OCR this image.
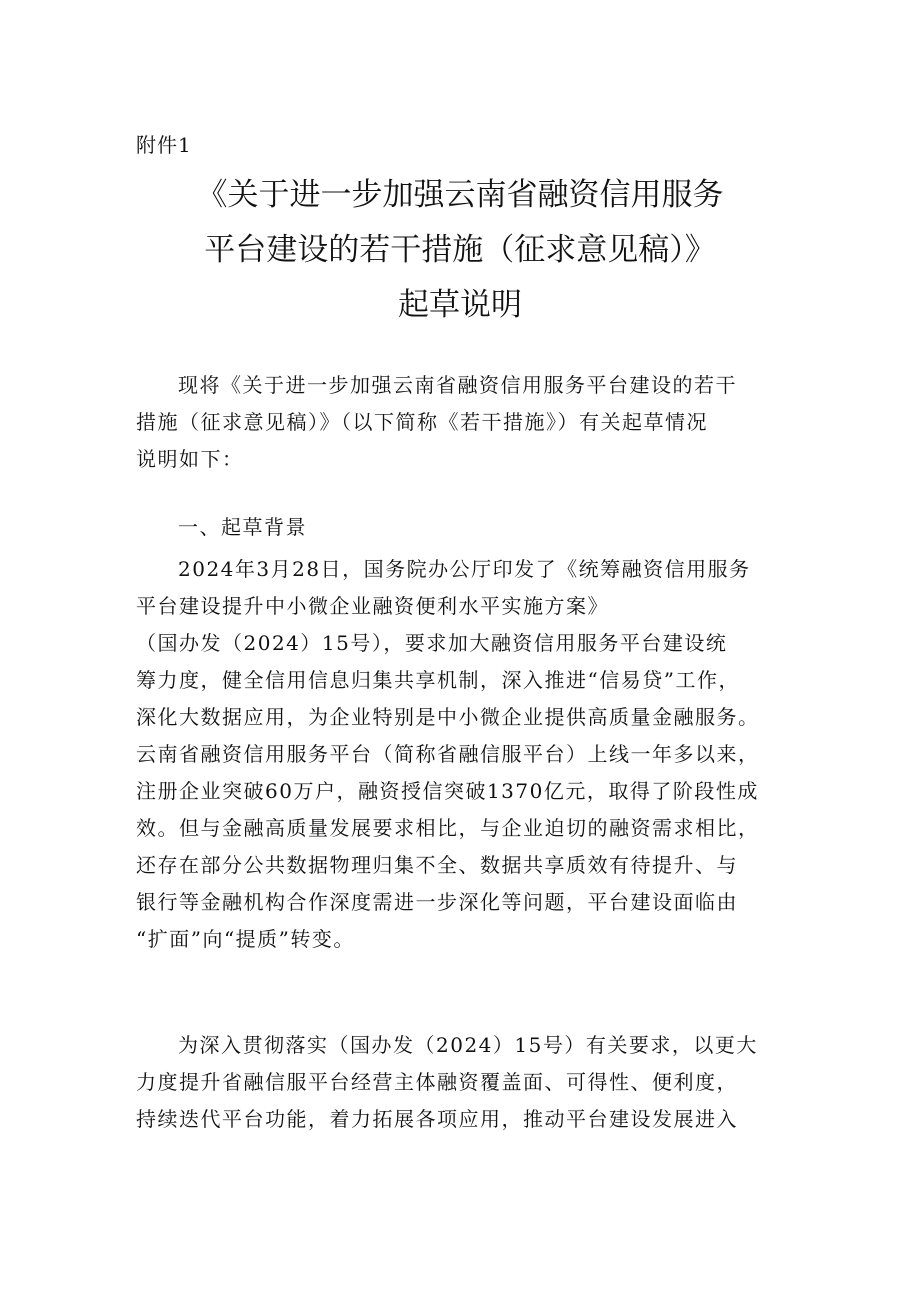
附件1
《关于进一步加强云南省融资信用服务
平台建设的若干措施（征求意见稿）》
起草说明
现将《关于进一步加强云南省融资信用服务平台建设的若干
措施（征求意见稿）》（以下简称《若干措施》）有关起草情况
说明如下：
一、起草背景
2024年3月28日，国务院办公厅印发了《统筹融资信用服务
平台建设提升中小微企业融资便利水平实施方案》
（国办发（2024）15号），要求加大融资信用服务平台建设统
筹力度，健全信用信息归集共享机制，深入推进“信易贷”工作，
深化大数据应用，为企业特别是中小微企业提供高质量金融服务。
云南省融资信用服务平台（简称省融信服平台）上线一年多以来，
注册企业突破60万户，融资授信突破1370亿元，取得了阶段性成
效。但与金融高质量发展要求相比，与企业迫切的融资需求相比，
还存在部分公共数据物理归集不全、数据共享质效有待提升、与
银行等金融机构合作深度需进一步深化等问题，平台建设面临由
“扩面”向“提质”转变。
为深入贯彻落实（国办发（2024）15号）有关要求，以更大
力度提升省融信服平台经营主体融资覆盖面、可得性、便利度，
持续迭代平台功能，着力拓展各项应用，推动平台建设发展进入
